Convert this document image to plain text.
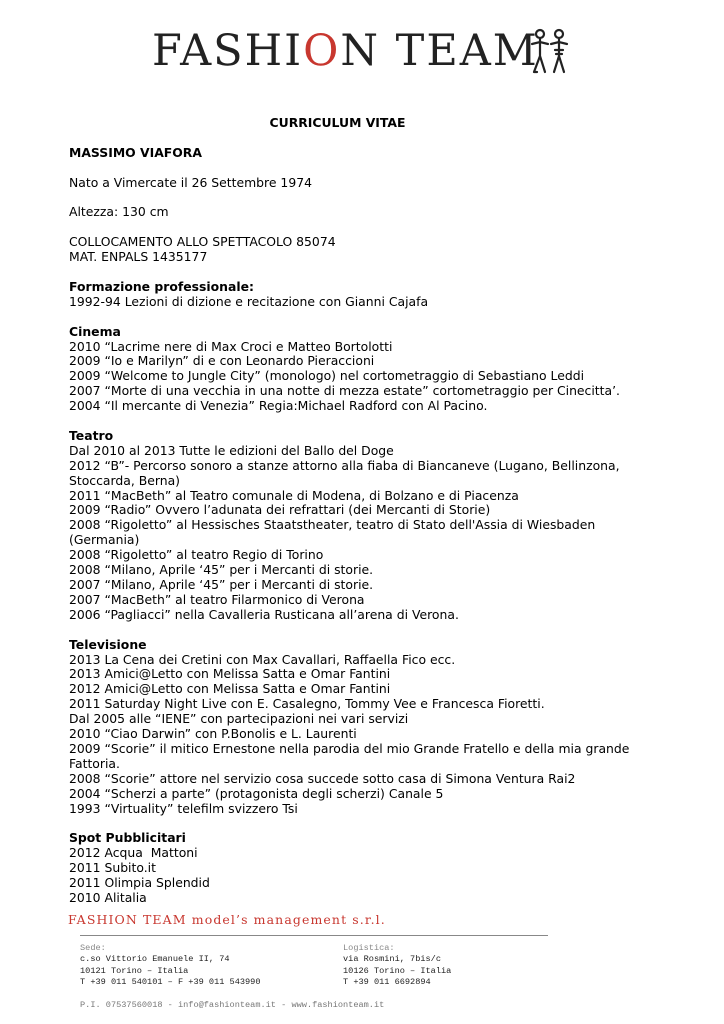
FASHION TEAM
CURRICULUM VITAE
MASSIMO VIAFORA
Nato a Vimercate il 26 Settembre 1974
Altezza: 130 cm
COLLOCAMENTO ALLO SPETTACOLO 85074
MAT. ENPALS 1435177
Formazione professionale:
1992-94 Lezioni di dizione e recitazione con Gianni Cajafa
Cinema
2010 “Lacrime nere di Max Croci e Matteo Bortolotti
2009 “Io e Marilyn” di e con Leonardo Pieraccioni
2009 “Welcome to Jungle City” (monologo) nel cortometraggio di Sebastiano Leddi
2007 “Morte di una vecchia in una notte di mezza estate” cortometraggio per Cinecitta’.
2004 “Il mercante di Venezia” Regia:Michael Radford con Al Pacino.
Teatro
Dal 2010 al 2013 Tutte le edizioni del Ballo del Doge
2012 “B”- Percorso sonoro a stanze attorno alla fiaba di Biancaneve (Lugano, Bellinzona,
Stoccarda, Berna)
2011 “MacBeth” al Teatro comunale di Modena, di Bolzano e di Piacenza
2009 “Radio” Ovvero l’adunata dei refrattari (dei Mercanti di Storie)
2008 “Rigoletto” al Hessisches Staatstheater, teatro di Stato dell'Assia di Wiesbaden
(Germania)
2008 “Rigoletto” al teatro Regio di Torino
2008 “Milano, Aprile ‘45” per i Mercanti di storie.
2007 “Milano, Aprile ‘45” per i Mercanti di storie.
2007 “MacBeth” al teatro Filarmonico di Verona
2006 “Pagliacci” nella Cavalleria Rusticana all’arena di Verona.
Televisione
2013 La Cena dei Cretini con Max Cavallari, Raffaella Fico ecc.
2013 Amici@Letto con Melissa Satta e Omar Fantini
2012 Amici@Letto con Melissa Satta e Omar Fantini
2011 Saturday Night Live con E. Casalegno, Tommy Vee e Francesca Fioretti.
Dal 2005 alle “IENE” con partecipazioni nei vari servizi
2010 “Ciao Darwin” con P.Bonolis e L. Laurenti
2009 “Scorie” il mitico Ernestone nella parodia del mio Grande Fratello e della mia grande
Fattoria.
2008 “Scorie” attore nel servizio cosa succede sotto casa di Simona Ventura Rai2
2004 “Scherzi a parte” (protagonista degli scherzi) Canale 5
1993 “Virtuality” telefilm svizzero Tsi
Spot Pubblicitari
2012 Acqua  Mattoni
2011 Subito.it
2011 Olimpia Splendid
2010 Alitalia
FASHION TEAM model’s management s.r.l.
Sede:
c.so Vittorio Emanuele II, 74
10121 Torino – Italia
T +39 011 540101 – F +39 011 543990
Logistica:
via Rosmini, 7bis/c
10126 Torino – Italia
T +39 011 6692894
P.I. 07537560018 - info@fashionteam.it - www.fashionteam.it
